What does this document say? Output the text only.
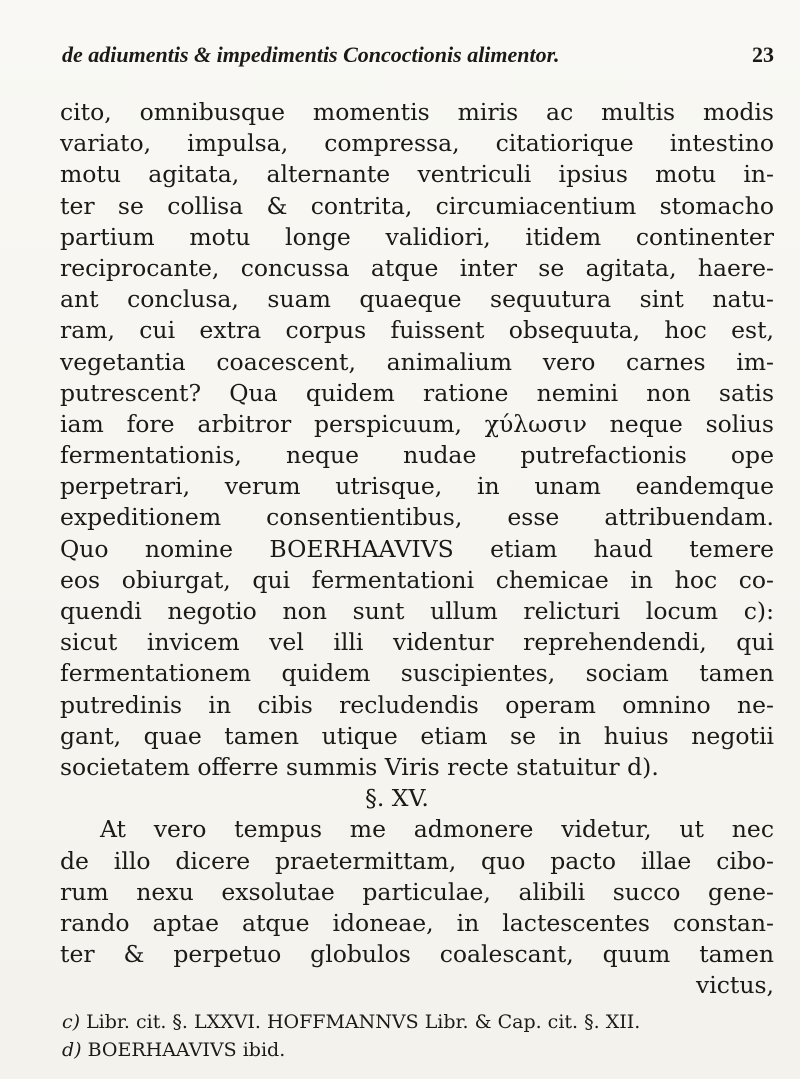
de adiumentis & impedimentis Concoctionis alimentor.	23
cito, omnibusque momentis miris ac multis modis
variato, impulsa, compressa, citatiorique intestino
motu agitata, alternante ventriculi ipsius motu in-
ter se collisa & contrita, circumiacentium stomacho
partium motu longe validiori, itidem continenter
reciprocante, concussa atque inter se agitata, haere-
ant conclusa, suam quaeque sequutura sint natu-
ram, cui extra corpus fuissent obsequuta, hoc est,
vegetantia coacescent, animalium vero carnes im-
putrescent? Qua quidem ratione nemini non satis
iam fore arbitror perspicuum, χύλωσιν neque solius
fermentationis, neque nudae putrefactionis ope
perpetrari, verum utrisque, in unam eandemque
expeditionem consentientibus, esse attribuendam.
Quo nomine BOERHAAVIVS etiam haud temere
eos obiurgat, qui fermentationi chemicae in hoc co-
quendi negotio non sunt ullum relicturi locum c):
sicut invicem vel illi videntur reprehendendi, qui
fermentationem quidem suscipientes, sociam tamen
putredinis in cibis recludendis operam omnino ne-
gant, quae tamen utique etiam se in huius negotii
societatem offerre summis Viris recte statuitur d).
§. XV.
At vero tempus me admonere videtur, ut nec
de illo dicere praetermittam, quo pacto illae cibo-
rum nexu exsolutae particulae, alibili succo gene-
rando aptae atque idoneae, in lactescentes constan-
ter & perpetuo globulos coalescant, quum tamen
victus,
c) Libr. cit. §. LXXVI. HOFFMANNVS Libr. & Cap. cit. §. XII.
d) BOERHAAVIVS ibid.
